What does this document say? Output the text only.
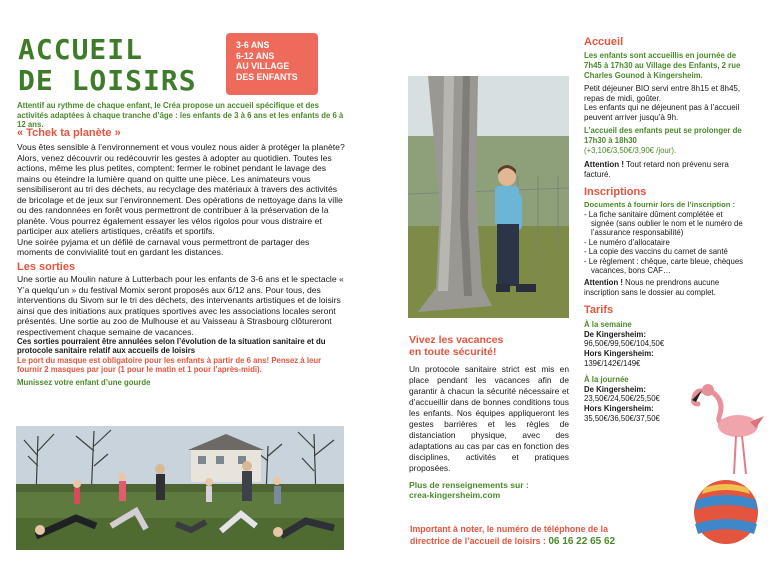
ACCUEIL
DE LOISIRS
3-6 ANS
6-12 ANS
AU VILLAGE
DES ENFANTS
Attentif au rythme de chaque enfant, le Créa propose un accueil spécifique et des activités adaptées à chaque tranche d’âge : les enfants de 3 à 6 ans et les enfants de 6 à 12 ans.
« Tchek ta planète »

Vous êtes sensible à l’environnement et vous voulez nous aider à protéger la planète? Alors, venez découvrir ou redécouvrir les gestes à adopter au quotidien. Toutes les actions, même les plus petites, comptent: fermer le robinet pendant le lavage des mains ou éteindre la lumière quand on quitte une pièce. Les animateurs vous sensibiliseront au tri des déchets, au recyclage des matériaux à travers des activités de bricolage et de jeux sur l’environnement. Des opérations de nettoyage dans la ville ou des randonnées en forêt vous permettront de contribuer à la préservation de la planète. Vous pourrez également essayer les vélos rigolos pour vous distraire et participer aux ateliers artistiques, créatifs et sportifs.

Une soirée pyjama et un défilé de carnaval vous permettront de partager des moments de convivialité tout en gardant les distances.

Les sorties

Une sortie au Moulin nature à Lutterbach pour les enfants de 3-6 ans et le spectacle « Y’a quelqu’un » du festival Momix seront proposés aux 6/12 ans. Pour tous, des interventions du Sivom sur le tri des déchets, des intervenants artistiques et de loisirs ainsi que des initiations aux pratiques sportives avec les associations locales seront présentés. Une sortie au zoo de Mulhouse et au Vaisseau à Strasbourg clôtureront respectivement chaque semaine de vacances.

Ces sorties pourraient être annulées selon l’évolution de la situation sanitaire et du protocole sanitaire relatif aux accueils de loisirs

Le port du masque est obligatoire pour les enfants à partir de 6 ans! Pensez à leur fournir 2 masques par jour (1 pour le matin et 1 pour l’après-midi).

Munissez votre enfant d’une gourde

Vivez les vacances
en toute sécurité!

Un protocole sanitaire strict est mis en place pendant les vacances afin de garantir à chacun la sécurité nécessaire et d’accueillir dans de bonnes conditions tous les enfants. Nos équipes appliqueront les gestes barrières et les règles de distanciation physique, avec des adaptations au cas par cas en fonction des disciplines, activités et pratiques proposées.

Plus de renseignements sur :

crea-kingersheim.com

Important à noter, le numéro de téléphone de la
directrice de l’accueil de loisirs : 06 16 22 65 62
Accueil

Les enfants sont accueillis en journée de 7h45 à 17h30 au Village des Enfants, 2 rue Charles Gounod à Kingersheim.

Petit déjeuner BIO servi entre 8h15 et 8h45, repas de midi, goûter.

Les enfants qui ne déjeunent pas à l’accueil peuvent arriver jusqu’à 9h.

L’accueil des enfants peut se prolonger de 17h30 à 18h30

(+3,10€/3,50€/3,90€ /jour).

Attention ! Tout retard non prévenu sera facturé.

Inscriptions

Documents à fournir lors de l’inscription :

- La fiche sanitaire dûment complétée et signée (sans oublier le nom et le numéro de l’assurance responsabilité)
- Le numéro d’allocataire
- La copie des vaccins du carnet de santé
- Le règlement : chèque, carte bleue, chèques vacances, bons CAF…

Attention ! Nous ne prendrons aucune inscription sans le dossier au complet.

Tarifs
À la semaine
De Kingersheim:
96,50€/99,50€/104,50€
Hors Kingersheim:
139€/142€/149€
À la journée
De Kingersheim:
23,50€/24,50€/25,50€
Hors Kingersheim:
35,50€/36,50€/37,50€
